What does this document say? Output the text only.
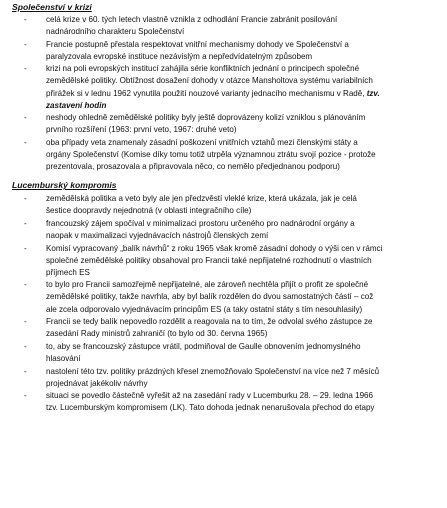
Společenství v krizi
- celá krize v 60. tých letech vlastně vznikla z odhodlání Francie zabránit posilování
nadnárodního charakteru Společenství
- Francie postupně přestala respektovat vnitřní mechanismy dohody ve Společenství a
paralyzovala evropské instituce nezávislým a nepředvídatelným způsobem
- krizi na poli evropských institucí zahájila série konfliktních jednání o principech společné
zemědělské politiky. Obtížnost dosažení dohody v otázce Mansholtova systému variabilních
přirážek si v lednu 1962 vynutila použití nouzové varianty jednacího mechanismu v Radě, tzv.
zastavení hodin
- neshody ohledně zemědělské politiky byly ještě doprovázeny kolizí vzniklou s plánováním
prvního rozšíření (1963: první veto, 1967: druhé veto)
- oba případy veta znamenaly zásadní poškození vnitřních vztahů mezi členskými státy a
orgány Společenství (Komise díky tomu totiž utrpěla významnou ztrátu svojí pozice - protože
prezentovala, prosazovala a připravovala něco, co nemělo předjednanou podporu)
Lucemburský kompromis
- zemědělská politika a veto byly ale jen předzvěstí vleklé krize, která ukázala, jak je celá
šestice doopravdy nejednotná (v oblasti integračního cíle)
- francouzský zájem spočíval v minimalizaci prostoru určeného pro nadnárodní orgány a
naopak v maximalizaci vyjednávacích nástrojů členských zemí
- Komisí vypracovaný „balík návrhů“ z roku 1965 však kromě zásadní dohody o výši cen v rámci
společné zemědělské politiky obsahoval pro Francii také nepřijatelné rozhodnutí o vlastních
příjmech ES
- to bylo pro Francii samozřejmě nepřijatelné, ale zároveň nechtěla přijít o profit ze společné
zemědělské politiky, takže navrhla, aby byl balík rozdělen do dvou samostatných částí – což
ale zcela odporovalo vyjednávacím principům ES (a taky ostatní státy s tím nesouhlasily)
- Francii se tedy balík nepovedlo rozdělit a reagovala na to tím, že odvolal svého zástupce ze
zasedání Rady ministrů zahraničí (to bylo od 30. června 1965)
- to, aby se francouzský zástupce vrátil, podmiňoval de Gaulle obnovením jednomyslného
hlasování
- nastolení této tzv. politiky prázdných křesel znemožňovalo Společenství na více než 7 měsíců
projednávat jakékoliv návrhy
- situaci se povedlo částečně vyřešit až na zasedání rady v Lucemburku 28. – 29. ledna 1966
tzv. Lucemburským kompromisem (LK). Tato dohoda jednak nenarušovala přechod do etapy
